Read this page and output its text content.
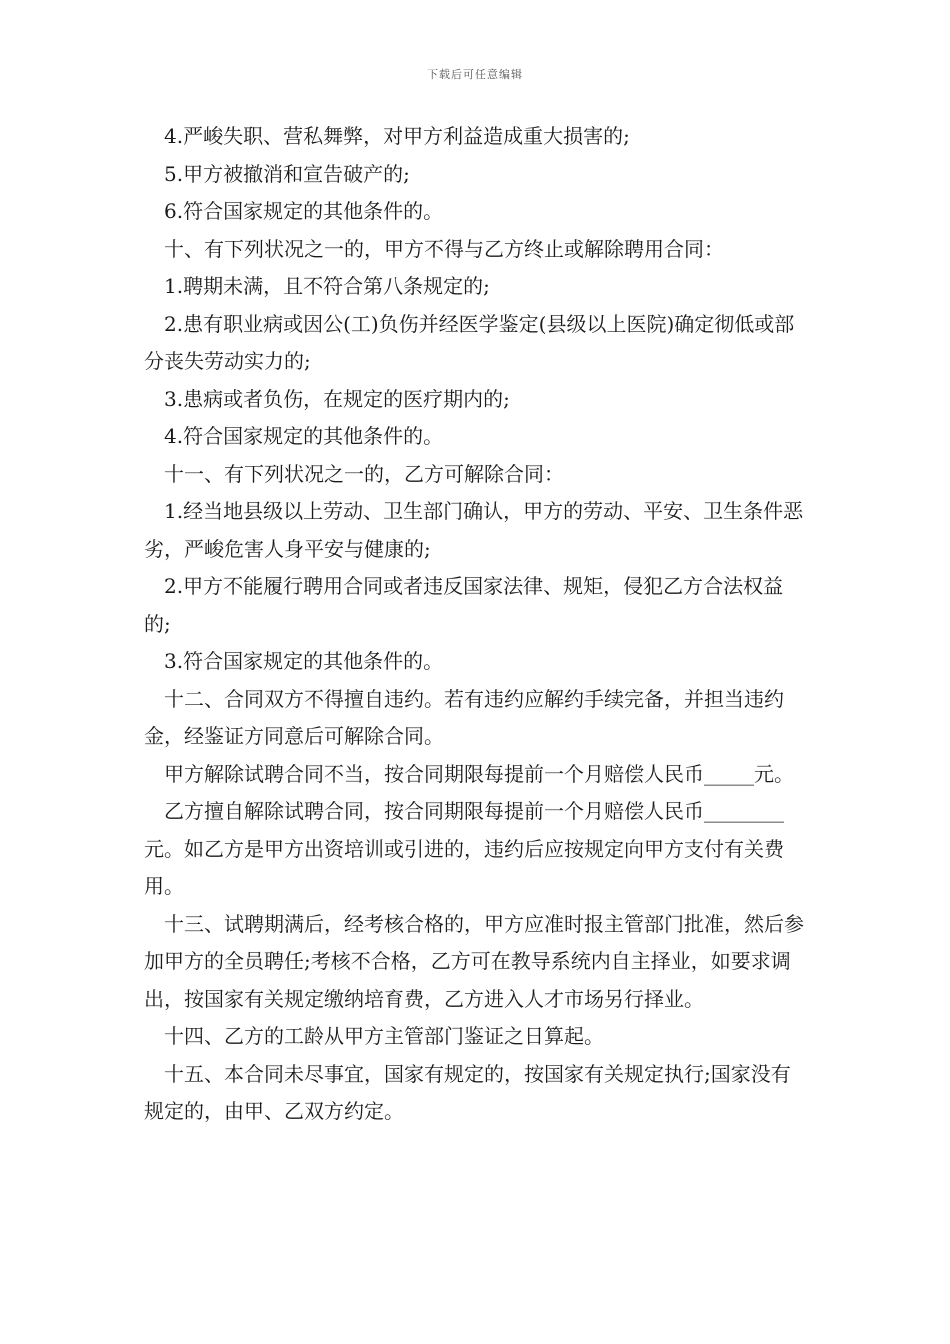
下载后可任意编辑

4.严峻失职、营私舞弊，对甲方利益造成重大损害的;

5.甲方被撤消和宣告破产的;

6.符合国家规定的其他条件的。

十、有下列状况之一的，甲方不得与乙方终止或解除聘用合同：

1.聘期未满，且不符合第八条规定的;

2.患有职业病或因公(工)负伤并经医学鉴定(县级以上医院)确定彻低或部分丧失劳动实力的;

3.患病或者负伤，在规定的医疗期内的;

4.符合国家规定的其他条件的。

十一、有下列状况之一的，乙方可解除合同：

1.经当地县级以上劳动、卫生部门确认，甲方的劳动、平安、卫生条件恶劣，严峻危害人身平安与健康的;

2.甲方不能履行聘用合同或者违反国家法律、规矩，侵犯乙方合法权益的;

3.符合国家规定的其他条件的。

十二、合同双方不得擅自违约。若有违约应解约手续完备，并担当违约金，经鉴证方同意后可解除合同。

甲方解除试聘合同不当，按合同期限每提前一个月赔偿人民币_____元。

乙方擅自解除试聘合同，按合同期限每提前一个月赔偿人民币________元。如乙方是甲方出资培训或引进的，违约后应按规定向甲方支付有关费用。

十三、试聘期满后，经考核合格的，甲方应准时报主管部门批准，然后参加甲方的全员聘任;考核不合格，乙方可在教导系统内自主择业，如要求调出，按国家有关规定缴纳培育费，乙方进入人才市场另行择业。

十四、乙方的工龄从甲方主管部门鉴证之日算起。

十五、本合同未尽事宜，国家有规定的，按国家有关规定执行;国家没有规定的，由甲、乙双方约定。
